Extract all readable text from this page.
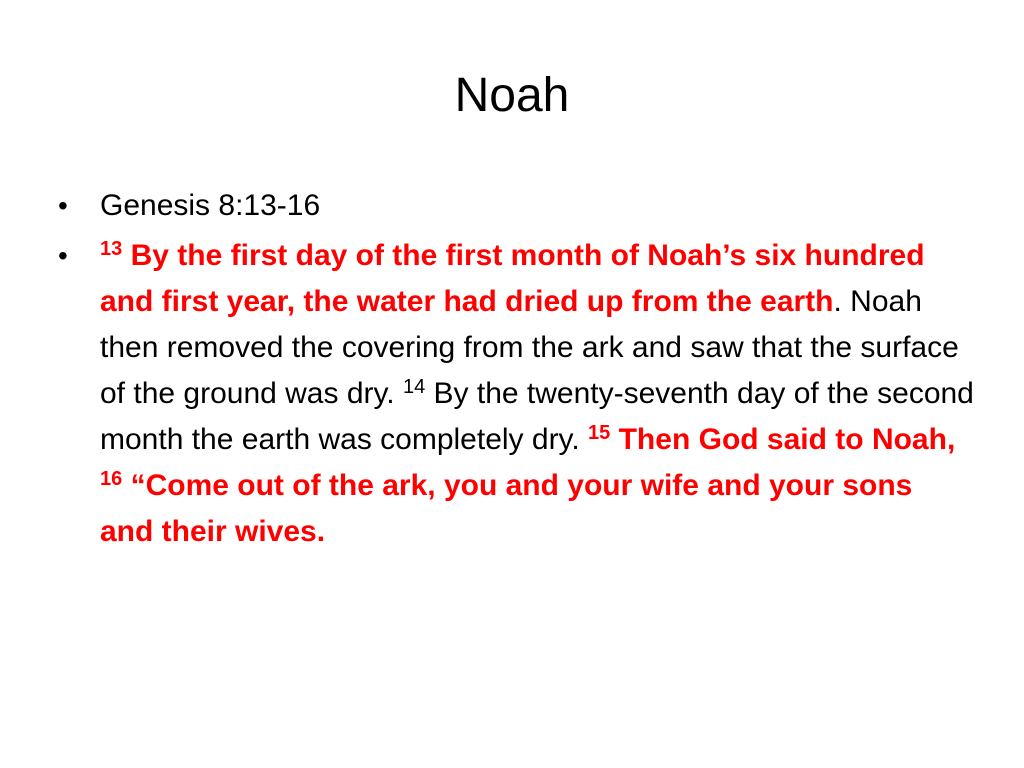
Noah
• Genesis 8:13-16
• $^{13}$ By the first day of the first month of Noah’s six hundred and first year, the water had dried up from the earth. Noah then removed the covering from the ark and saw that the surface of the ground was dry. $^{14}$ By the twenty-seventh day of the second month the earth was completely dry. $^{15}$ Then God said to Noah, $^{16}$ “Come out of the ark, you and your wife and your sons and their wives.
